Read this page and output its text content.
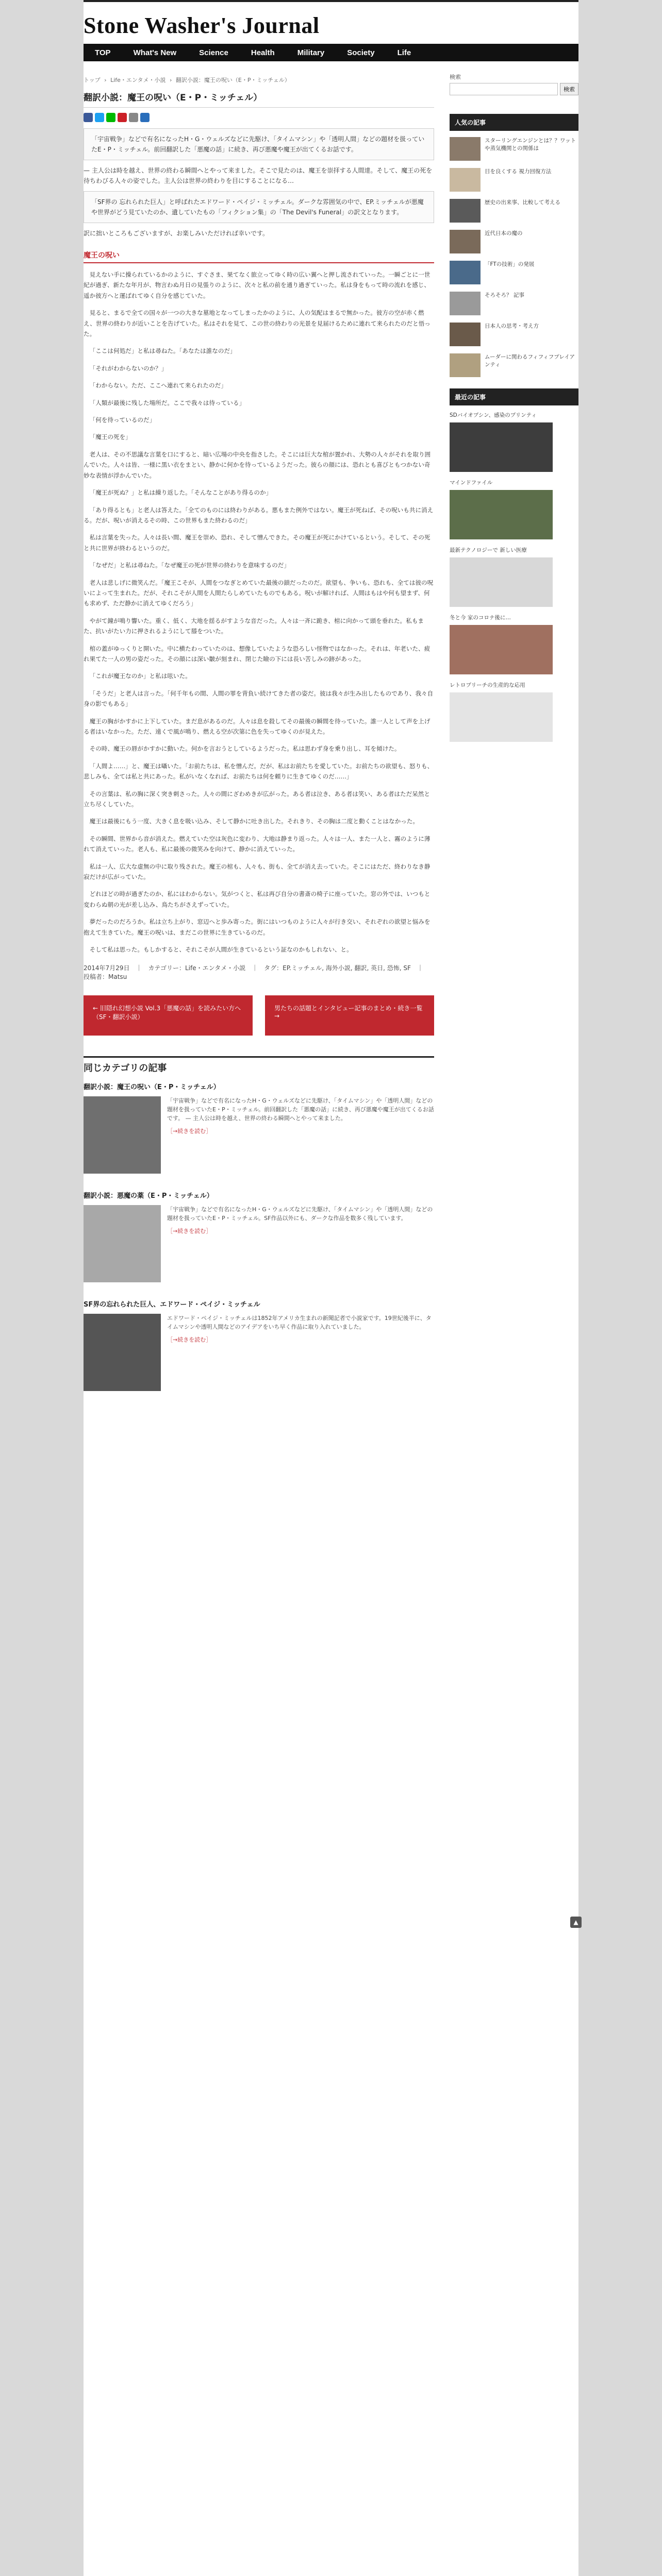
Stone Washer's Journal
TOP	What's New	Science	Health	Military	Society	Life
トップ › Life・エンタメ・小説 › 翻訳小説：魔王の呪い（E・P・ミッチェル）
翻訳小説：魔王の呪い（E・P・ミッチェル）
「宇宙戦争」などで有名になったH・G・ウェルズなどに先駆け、「タイムマシン」や「透明人間」などの題材を扱っていたE・P・ミッチェル。前回翻訳した「悪魔の話」に続き、再び悪魔や魔王が出てくるお話です。
— 主人公は時を越え、世界の終わる瞬間へとやって来ました。そこで見たのは、魔王を崇拝する人間達。そして、魔王の死を待ちわびる人々の姿でした。主人公は世界の終わりを目にすることになる…
「SF界の 忘れられた巨人」と呼ばれたエドワード・ペイジ・ミッチェル。ダークな雰囲気の中で、EP.ミッチェルが悪魔や世界がどう見ていたのか、遺していたもの「フィクション集」の「The Devil's Funeral」の訳文となります。
訳に拙いところもございますが、お楽しみいただければ幸いです。
魔王の呪い

見えない手に操られているかのように、すぐさま、果てなく旅立ってゆく時の広い翼へと押し流されていった。一瞬ごとに一世紀が過ぎ、新たな年月が、物言わぬ月日の見張りのように、次々と私の前を通り過ぎていった。私は身をもって時の流れを感じ、遥か彼方へと運ばれてゆく自分を感じていた。

見ると、まるで全ての国々が一つの大きな墓地となってしまったかのように、人の気配はまるで無かった。彼方の空が赤く燃え、世界の終わりが近いことを告げていた。私はそれを見て、この世の終わりの光景を見届けるために連れて来られたのだと悟った。

「ここは何処だ」と私は尋ねた。「あなたは誰なのだ」

「それがわからないのか？」

「わからない。ただ、ここへ連れて来られたのだ」

「人類が最後に残した場所だ。ここで我々は待っている」

「何を待っているのだ」

「魔王の死を」

老人は、その不思議な言葉を口にすると、暗い広場の中央を指さした。そこには巨大な棺が置かれ、大勢の人々がそれを取り囲んでいた。人々は皆、一様に黒い衣をまとい、静かに何かを待っているようだった。彼らの顔には、恐れとも喜びともつかない奇妙な表情が浮かんでいた。

「魔王が死ぬ？」と私は繰り返した。「そんなことがあり得るのか」

「あり得るとも」と老人は答えた。「全てのものには終わりがある。悪もまた例外ではない。魔王が死ねば、その呪いも共に消える。だが、呪いが消えるその時、この世界もまた終わるのだ」

私は言葉を失った。人々は長い間、魔王を崇め、恐れ、そして憎んできた。その魔王が死にかけているという。そして、その死と共に世界が終わるというのだ。

「なぜだ」と私は尋ねた。「なぜ魔王の死が世界の終わりを意味するのだ」

老人は悲しげに微笑んだ。「魔王こそが、人間をつなぎとめていた最後の鎖だったのだ。欲望も、争いも、恐れも、全ては彼の呪いによって生まれた。だが、それこそが人間を人間たらしめていたものでもある。呪いが解ければ、人間はもはや何も望まず、何も求めず、ただ静かに消えてゆくだろう」

やがて鐘が鳴り響いた。重く、低く、大地を揺るがすような音だった。人々は一斉に跪き、棺に向かって頭を垂れた。私もまた、抗いがたい力に押されるようにして膝をついた。

棺の蓋がゆっくりと開いた。中に横たわっていたのは、想像していたような恐ろしい怪物ではなかった。それは、年老いた、疲れ果てた一人の男の姿だった。その顔には深い皺が刻まれ、閉じた瞼の下には長い苦しみの跡があった。

「これが魔王なのか」と私は呟いた。

「そうだ」と老人は言った。「何千年もの間、人間の罪を背負い続けてきた者の姿だ。彼は我々が生み出したものであり、我々自身の影でもある」

魔王の胸がかすかに上下していた。まだ息があるのだ。人々は息を殺してその最後の瞬間を待っていた。誰一人として声を上げる者はいなかった。ただ、遠くで風が鳴り、燃える空が次第に色を失ってゆくのが見えた。

その時、魔王の唇がかすかに動いた。何かを言おうとしているようだった。私は思わず身を乗り出し、耳を傾けた。

「人間よ……」と、魔王は囁いた。「お前たちは、私を憎んだ。だが、私はお前たちを愛していた。お前たちの欲望も、怒りも、悲しみも、全ては私と共にあった。私がいなくなれば、お前たちは何を頼りに生きてゆくのだ……」

その言葉は、私の胸に深く突き刺さった。人々の間にざわめきが広がった。ある者は泣き、ある者は笑い、ある者はただ呆然と立ち尽くしていた。

魔王は最後にもう一度、大きく息を吸い込み、そして静かに吐き出した。それきり、その胸は二度と動くことはなかった。

その瞬間、世界から音が消えた。燃えていた空は灰色に変わり、大地は静まり返った。人々は一人、また一人と、霧のように薄れて消えていった。老人も、私に最後の微笑みを向けて、静かに消えていった。

私は一人、広大な虚無の中に取り残された。魔王の棺も、人々も、街も、全てが消え去っていた。そこにはただ、終わりなき静寂だけが広がっていた。

どれほどの時が過ぎたのか、私にはわからない。気がつくと、私は再び自分の書斎の椅子に座っていた。窓の外では、いつもと変わらぬ朝の光が差し込み、鳥たちがさえずっていた。

夢だったのだろうか。私は立ち上がり、窓辺へと歩み寄った。街にはいつものように人々が行き交い、それぞれの欲望と悩みを抱えて生きていた。魔王の呪いは、まだこの世界に生きているのだ。

そして私は思った。もしかすると、それこそが人間が生きているという証なのかもしれない、と。

2014年7月29日　｜　カテゴリー：Life・エンタメ・小説　｜　タグ：EP.ミッチェル, 海外小説, 翻訳, 英日, 恐怖, SF　｜　投稿者：Matsu
← 旧隠れ幻想小説 Vol.3「悪魔の話」を読みたい方へ（SF・翻訳小説）
男たちの話題とインタビュー記事のまとめ・続き一覧 →
同じカテゴリの記事
翻訳小説：魔王の呪い（E・P・ミッチェル）
「宇宙戦争」などで有名になったH・G・ウェルズなどに先駆け、「タイムマシン」や「透明人間」などの題材を扱っていたE・P・ミッチェル。前回翻訳した「悪魔の話」に続き、再び悪魔や魔王が出てくるお話です。 — 主人公は時を越え、世界の終わる瞬間へとやって来ました。
［→続きを読む］
翻訳小説：悪魔の薬（E・P・ミッチェル）
「宇宙戦争」などで有名になったH・G・ウェルズなどに先駆け、「タイムマシン」や「透明人間」などの題材を扱っていたE・P・ミッチェル。SF作品以外にも、ダークな作品を数多く残しています。
［→続きを読む］
SF界の忘れられた巨人、エドワード・ペイジ・ミッチェル
エドワード・ペイジ・ミッチェルは1852年アメリカ生まれの新聞記者で小説家です。19世紀後半に、タイムマシンや透明人間などのアイデアをいち早く作品に取り入れていました。
［→続きを読む］
検索
検索
人気の記事
スターリングエンジンとは？？ワットや蒸気機関との関係は
目を良くする 視力回復方法
歴史の出来事、比較して考える
近代日本の魔の
「FTの技術」の発展
そろそろ？ 記事
日本人の思考・考え方
ムーダーに関わるフィフィフプレイアンティ
最近の記事
SDバイオプシン、感染のプリンティ
マインドファイル
最新テクノロジーで 新しい医療
冬と今 家のコロナ後に…
レトロプリーチの生産的な応用
▲
